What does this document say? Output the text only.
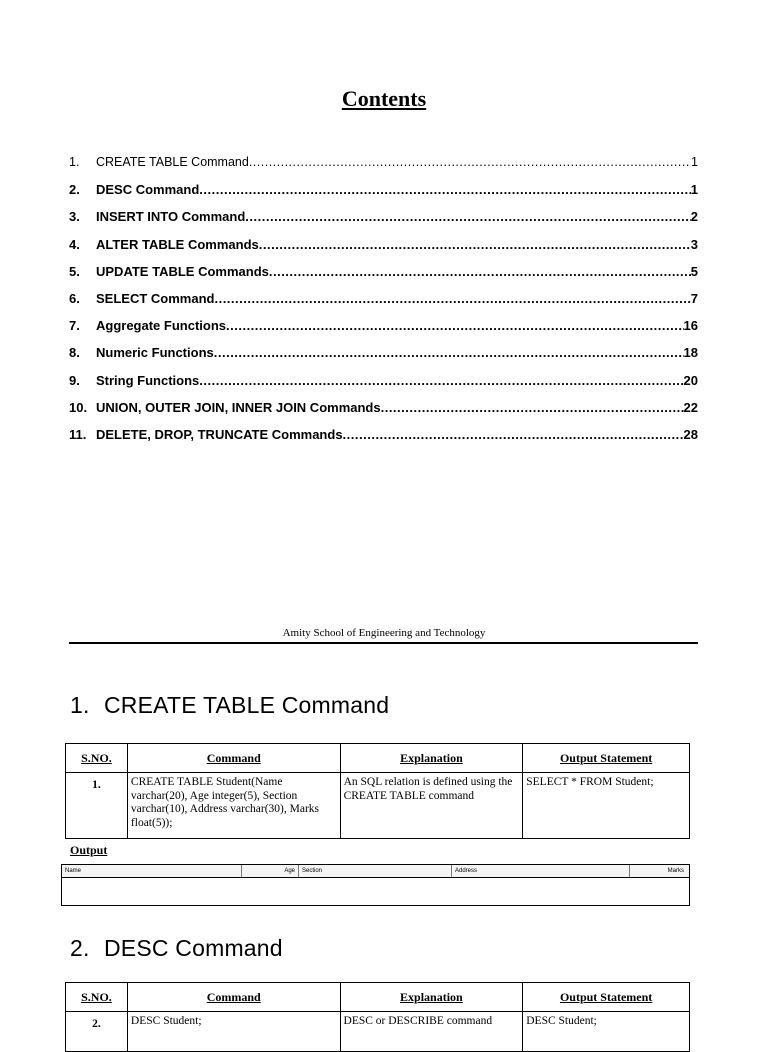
Contents
1.	CREATE TABLE Command .....	1
2.	DESC Command .....	1
3.	INSERT INTO Command .....	2
4.	ALTER TABLE Commands .....	3
5.	UPDATE TABLE Commands .....	5
6.	SELECT Command .....	7
7.	Aggregate Functions .....	16
8.	Numeric Functions .....	18
9.	String Functions .....	20
10. UNION, OUTER JOIN, INNER JOIN Commands .....	22
11. DELETE, DROP, TRUNCATE Commands .....	28
Amity School of Engineering and Technology
1. CREATE TABLE Command
S.NO.	Command	Explanation	Output Statement
1.	CREATE TABLE Student(Name varchar(20), Age integer(5), Section varchar(10), Address varchar(30), Marks float(5));	An SQL relation is defined using the CREATE TABLE command	SELECT * FROM Student;
Output
Name	Age	Section	Address	Marks
2. DESC Command
S.NO.	Command	Explanation	Output Statement
2.	DESC Student;	DESC or DESCRIBE command	DESC Student;
